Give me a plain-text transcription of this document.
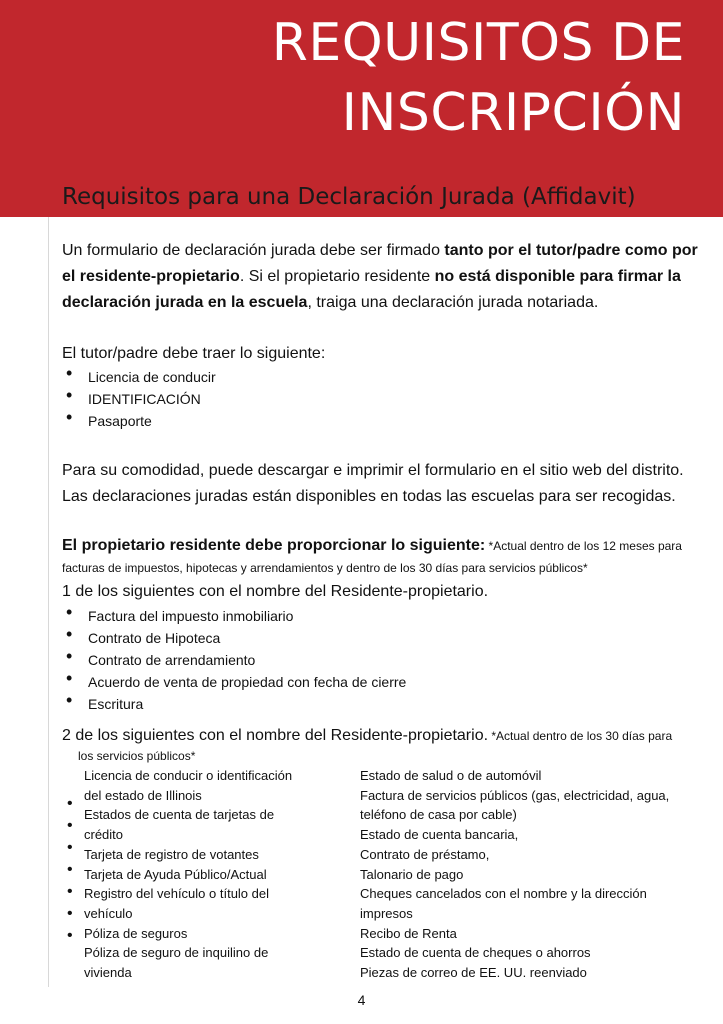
REQUISITOS DE
INSCRIPCIÓN
Requisitos para una Declaración Jurada (Affidavit)
Un formulario de declaración jurada debe ser firmado tanto por el tutor/padre como por el residente-propietario. Si el propietario residente no está disponible para firmar la declaración jurada en la escuela, traiga una declaración jurada notariada.
El tutor/padre debe traer lo siguiente:
• Licencia de conducir
• IDENTIFICACIÓN
• Pasaporte
Para su comodidad, puede descargar e imprimir el formulario en el sitio web del distrito. Las declaraciones juradas están disponibles en todas las escuelas para ser recogidas.
El propietario residente debe proporcionar lo siguiente: *Actual dentro de los 12 meses para facturas de impuestos, hipotecas y arrendamientos y dentro de los 30 días para servicios públicos*
1 de los siguientes con el nombre del Residente-propietario.
• Factura del impuesto inmobiliario
• Contrato de Hipoteca
• Contrato de arrendamiento
• Acuerdo de venta de propiedad con fecha de cierre
• Escritura
2 de los siguientes con el nombre del Residente-propietario. *Actual dentro de los 30 días para
los servicios públicos*
•
•
•
•
•
•
•
Licencia de conducir o identificación
del estado de Illinois
Estados de cuenta de tarjetas de
crédito
Tarjeta de registro de votantes
Tarjeta de Ayuda Público/Actual
Registro del vehículo o título del
vehículo
Póliza de seguros
Póliza de seguro de inquilino de
vivienda
Estado de salud o de automóvil
Factura de servicios públicos (gas, electricidad, agua,
teléfono de casa por cable)
Estado de cuenta bancaria,
Contrato de préstamo,
Talonario de pago
Cheques cancelados con el nombre y la dirección
impresos
Recibo de Renta
Estado de cuenta de cheques o ahorros
Piezas de correo de EE. UU. reenviado
4
